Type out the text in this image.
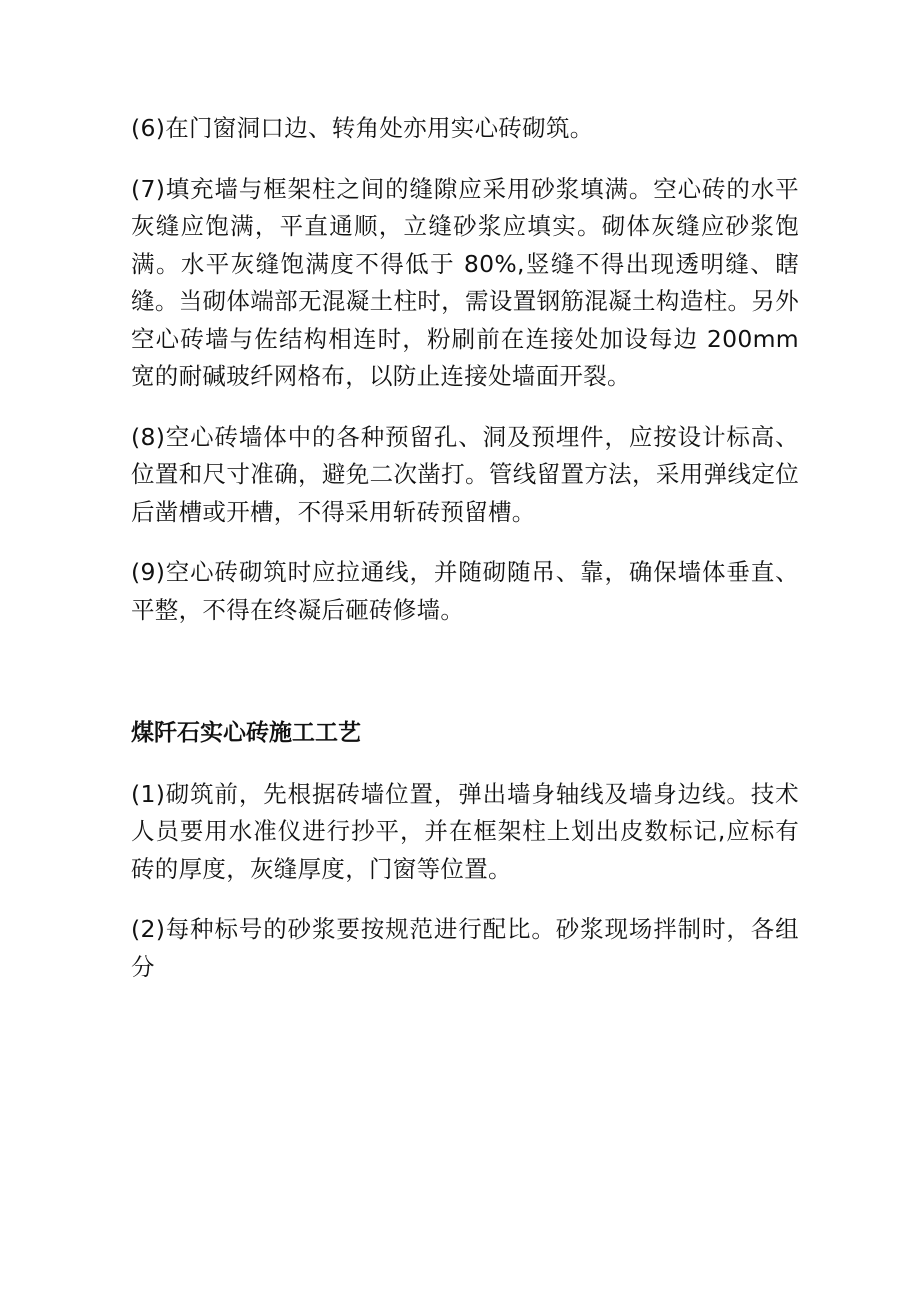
(6)在门窗洞口边、转角处亦用实心砖砌筑。

(7)填充墙与框架柱之间的缝隙应采用砂浆填满。空心砖的水平灰缝应饱满，平直通顺，立缝砂浆应填实。砌体灰缝应砂浆饱满。水平灰缝饱满度不得低于 80%,竖缝不得出现透明缝、瞎缝。当砌体端部无混凝土柱时，需设置钢筋混凝土构造柱。另外空心砖墙与佐结构相连时，粉刷前在连接处加设每边 200mm 宽的耐碱玻纤网格布，以防止连接处墙面开裂。

(8)空心砖墙体中的各种预留孔、洞及预埋件，应按设计标高、位置和尺寸准确，避免二次凿打。管线留置方法，采用弹线定位后凿槽或开槽，不得采用斩砖预留槽。

(9)空心砖砌筑时应拉通线，并随砌随吊、靠，确保墙体垂直、平整，不得在终凝后砸砖修墙。

煤阡石实心砖施工工艺

(1)砌筑前，先根据砖墙位置，弹出墙身轴线及墙身边线。技术人员要用水准仪进行抄平，并在框架柱上划出皮数标记,应标有砖的厚度，灰缝厚度，门窗等位置。

(2)每种标号的砂浆要按规范进行配比。砂浆现场拌制时，各组分
